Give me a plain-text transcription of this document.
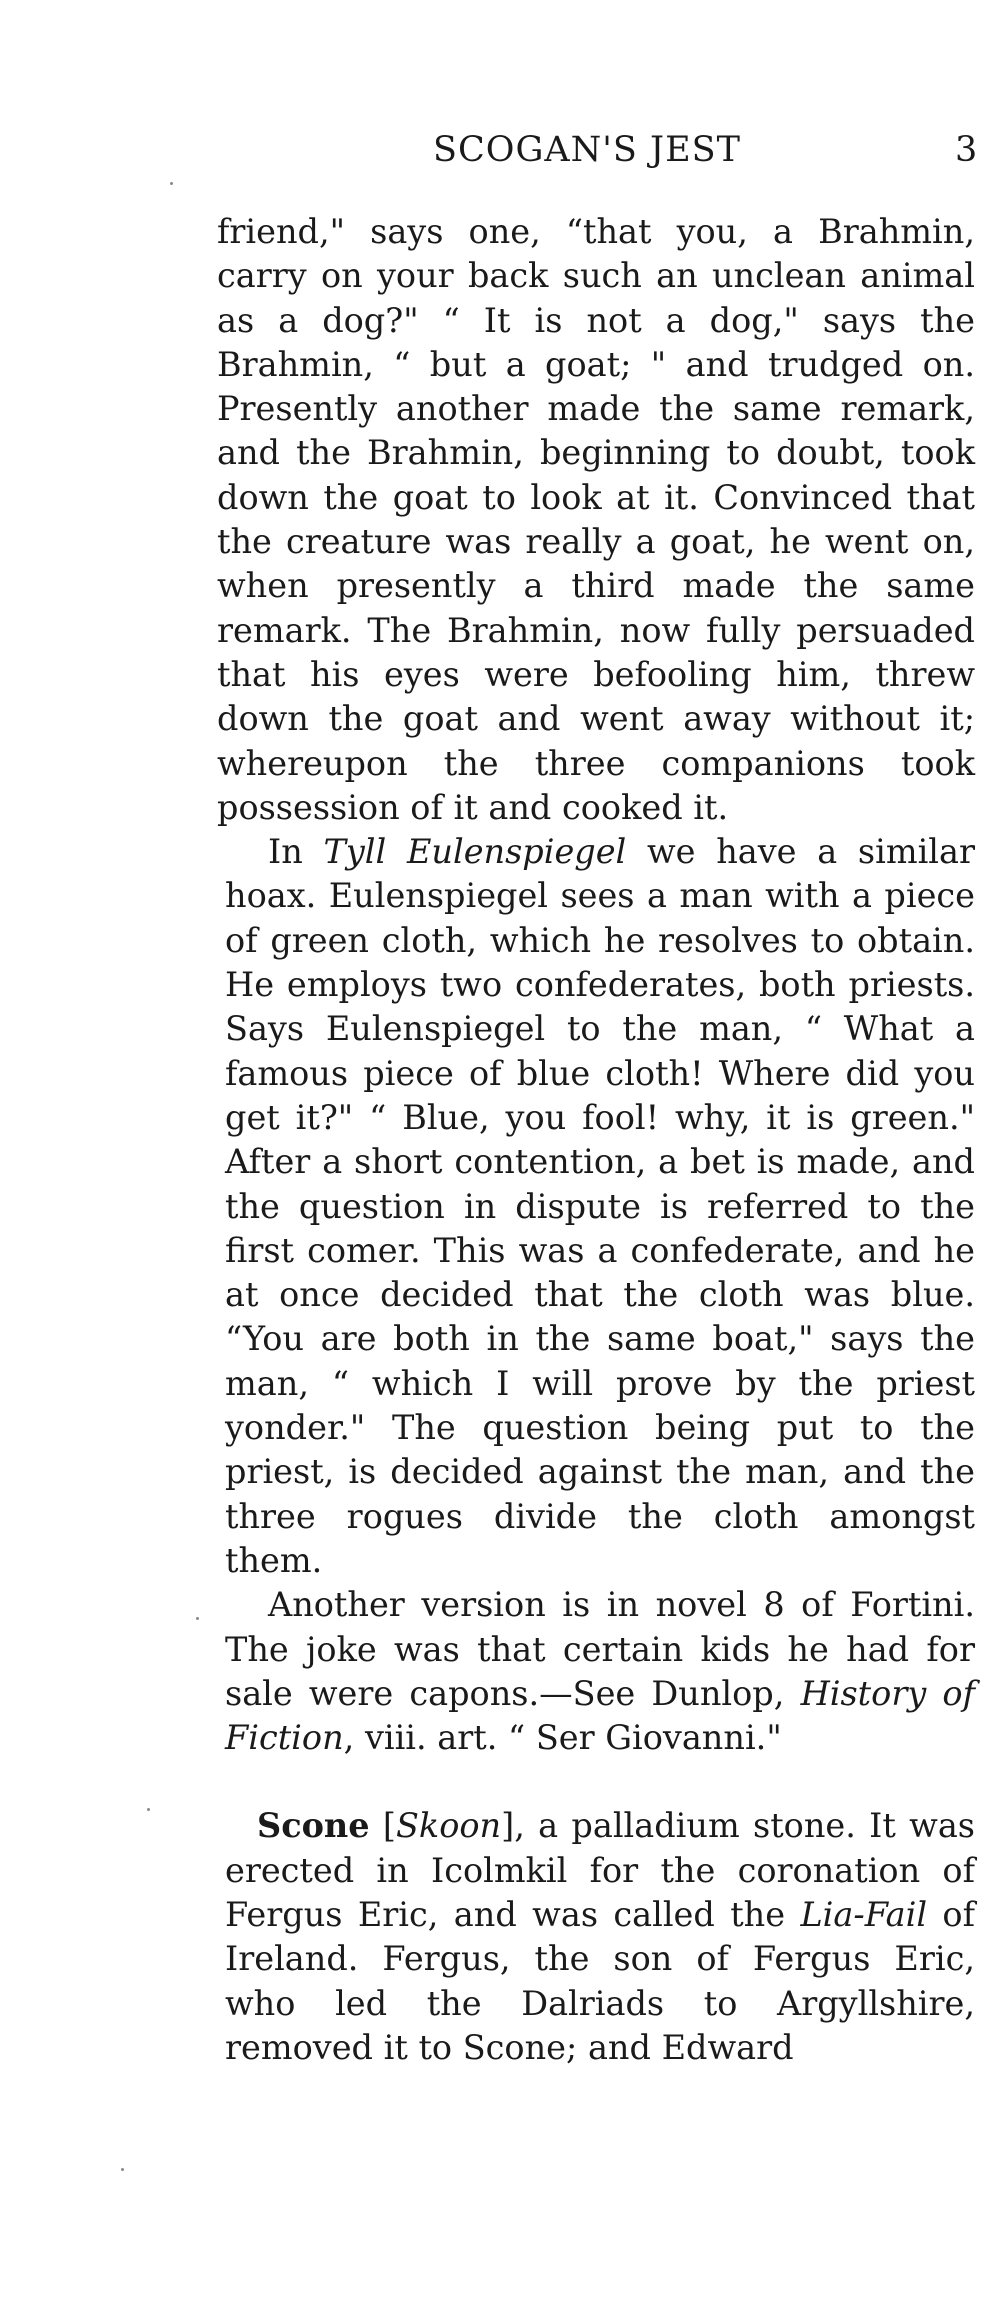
SCOGAN'S JEST	3

friend," says one, “that you, a Brahmin, carry on your back such an unclean animal as a dog?" “ It is not a dog," says the Brahmin, “ but a goat; " and trudged on. Presently another made the same remark, and the Brahmin, beginning to doubt, took down the goat to look at it. Convinced that the creature was really a goat, he went on, when presently a third made the same remark. The Brahmin, now fully persuaded that his eyes were befooling him, threw down the goat and went away without it; whereupon the three companions took possession of it and cooked it.

In Tyll Eulenspiegel we have a similar hoax. Eulenspiegel sees a man with a piece of green cloth, which he resolves to obtain. He employs two confederates, both priests. Says Eulenspiegel to the man, “ What a famous piece of blue cloth! Where did you get it?" “ Blue, you fool! why, it is green." After a short contention, a bet is made, and the question in dispute is referred to the first comer. This was a confederate, and he at once decided that the cloth was blue. “You are both in the same boat," says the man, “ which I will prove by the priest yonder." The question being put to the priest, is decided against the man, and the three rogues divide the cloth amongst them.

Another version is in novel 8 of Fortini. The joke was that certain kids he had for sale were capons.—See Dunlop, History of Fiction, viii. art. “ Ser Giovanni."

Scone [Skoon], a palladium stone. It was erected in Icolmkil for the coronation of Fergus Eric, and was called the Lia-Fail of Ireland. Fergus, the son of Fergus Eric, who led the Dalriads to Argyllshire, removed it to Scone; and Edward
